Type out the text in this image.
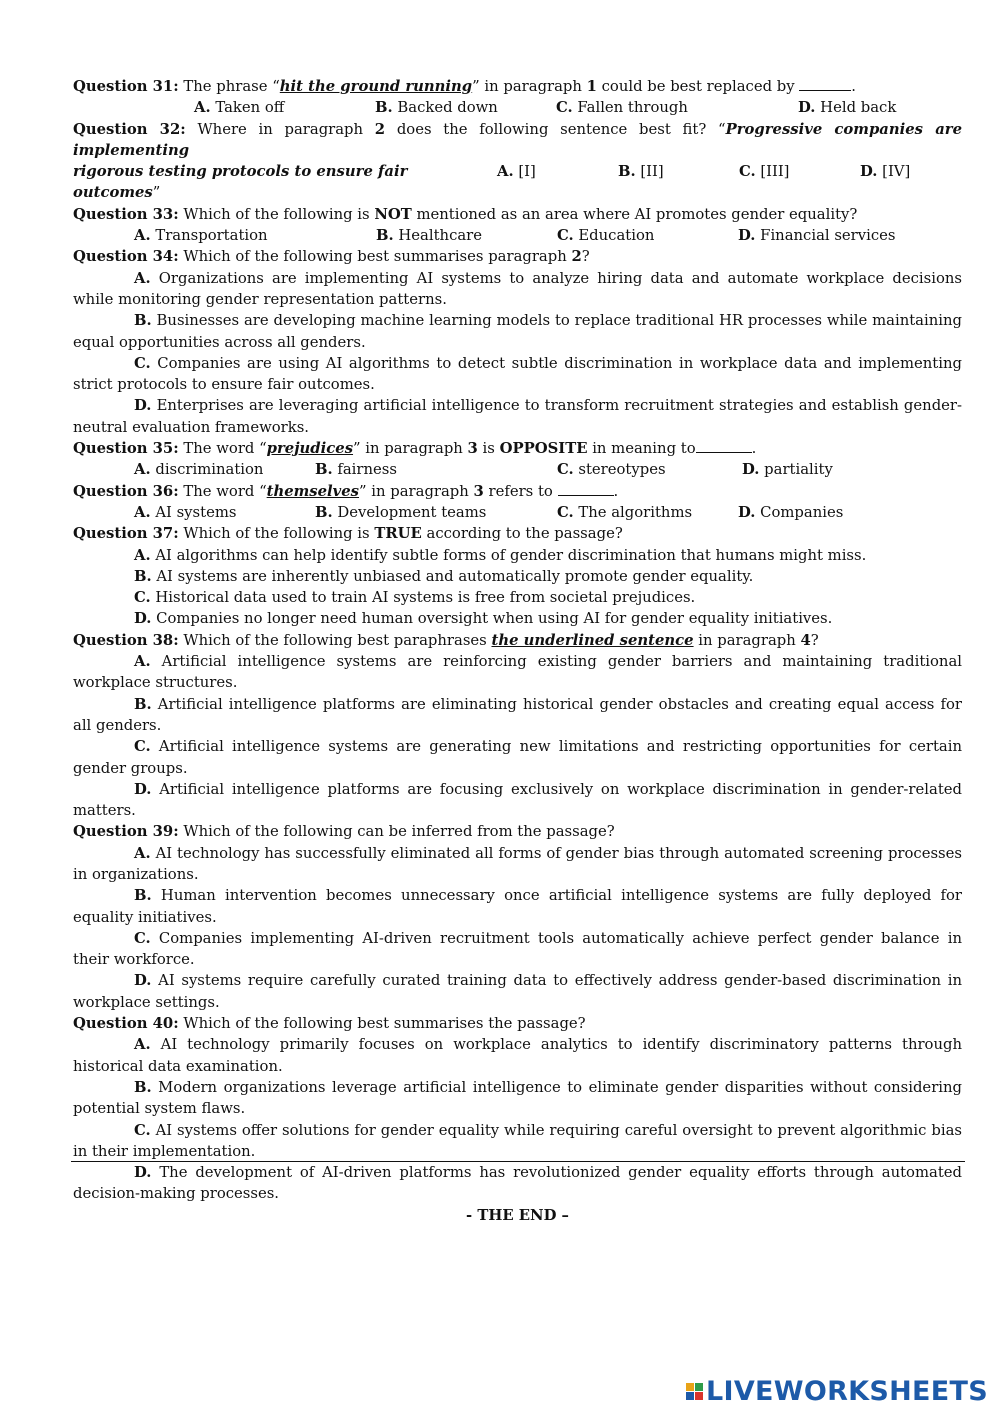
Question 31: The phrase “hit the ground running” in paragraph 1 could be best replaced by	.
A. Taken off	B. Backed down	C. Fallen through	D. Held back
Question 32: Where in paragraph 2 does the following sentence best fit? “Progressive companies are implementing
rigorous testing protocols to ensure fair outcomes”
A. [I]	B. [II]	C. [III]	D. [IV]
Question 33: Which of the following is NOT mentioned as an area where AI promotes gender equality?
A. Transportation	B. Healthcare	C. Education	D. Financial services
Question 34: Which of the following best summarises paragraph 2?
A. Organizations are implementing AI systems to analyze hiring data and automate workplace decisions while monitoring gender representation patterns.
B. Businesses are developing machine learning models to replace traditional HR processes while maintaining equal opportunities across all genders.
C. Companies are using AI algorithms to detect subtle discrimination in workplace data and implementing strict protocols to ensure fair outcomes.
D. Enterprises are leveraging artificial intelligence to transform recruitment strategies and establish gender-neutral evaluation frameworks.
Question 35: The word “prejudices” in paragraph 3 is OPPOSITE in meaning to	.
A. discrimination	B. fairness	C. stereotypes	D. partiality
Question 36: The word “themselves” in paragraph 3 refers to	.
A. AI systems	B. Development teams	C. The algorithms	D. Companies
Question 37: Which of the following is TRUE according to the passage?
A. AI algorithms can help identify subtle forms of gender discrimination that humans might miss.
B. AI systems are inherently unbiased and automatically promote gender equality.
C. Historical data used to train AI systems is free from societal prejudices.
D. Companies no longer need human oversight when using AI for gender equality initiatives.
Question 38: Which of the following best paraphrases the underlined sentence in paragraph 4?
A. Artificial intelligence systems are reinforcing existing gender barriers and maintaining traditional workplace structures.
B. Artificial intelligence platforms are eliminating historical gender obstacles and creating equal access for all genders.
C. Artificial intelligence systems are generating new limitations and restricting opportunities for certain gender groups.
D. Artificial intelligence platforms are focusing exclusively on workplace discrimination in gender-related matters.
Question 39: Which of the following can be inferred from the passage?
A. AI technology has successfully eliminated all forms of gender bias through automated screening processes in organizations.
B. Human intervention becomes unnecessary once artificial intelligence systems are fully deployed for equality initiatives.
C. Companies implementing AI-driven recruitment tools automatically achieve perfect gender balance in their workforce.
D. AI systems require carefully curated training data to effectively address gender-based discrimination in workplace settings.
Question 40: Which of the following best summarises the passage?
A. AI technology primarily focuses on workplace analytics to identify discriminatory patterns through historical data examination.
B. Modern organizations leverage artificial intelligence to eliminate gender disparities without considering potential system flaws.
C. AI systems offer solutions for gender equality while requiring careful oversight to prevent algorithmic bias in their implementation.
D. The development of AI-driven platforms has revolutionized gender equality efforts through automated decision-making processes.
- THE END –
LIVEWORKSHEETS
